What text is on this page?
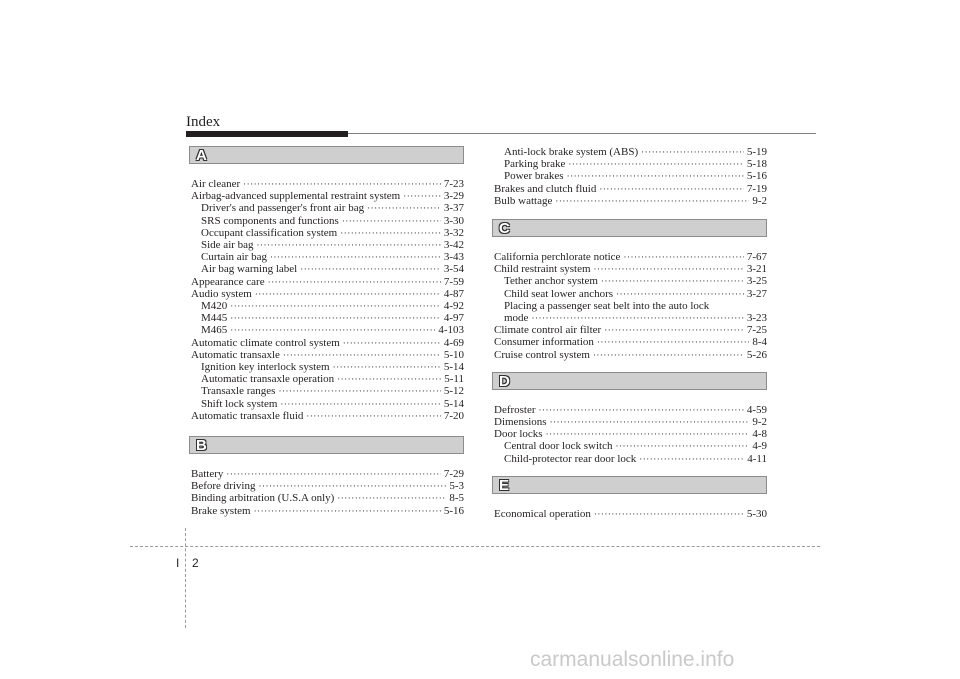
Index
A
Air cleaner ·····	7-23
Airbag-advanced supplemental restraint system ·····	3-29
Driver's and passenger's front air bag ·····	3-37
SRS components and functions ·····	3-30
Occupant classification system ·····	3-32
Side air bag ·····	3-42
Curtain air bag ·····	3-43
Air bag warning label ·····	3-54
Appearance care ·····	7-59
Audio system ·····	4-87
M420 ·····	4-92
M445 ·····	4-97
M465 ·····	4-103
Automatic climate control system ·····	4-69
Automatic transaxle ·····	5-10
Ignition key interlock system ·····	5-14
Automatic transaxle operation ·····	5-11
Transaxle ranges ·····	5-12
Shift lock system ·····	5-14
Automatic transaxle fluid ·····	7-20
B
Battery ·····	7-29
Before driving ·····	5-3
Binding arbitration (U.S.A only) ·····	8-5
Brake system ·····	5-16
Anti-lock brake system (ABS) ·····	5-19
Parking brake ·····	5-18
Power brakes ·····	5-16
Brakes and clutch fluid ·····	7-19
Bulb wattage ·····	9-2
C
California perchlorate notice ·····	7-67
Child restraint system ·····	3-21
Tether anchor system ·····	3-25
Child seat lower anchors ·····	3-27
Placing a passenger seat belt into the auto lock
mode ·····	3-23
Climate control air filter ·····	7-25
Consumer information ·····	8-4
Cruise control system ·····	5-26
D
Defroster ·····	4-59
Dimensions ·····	9-2
Door locks ·····	4-8
Central door lock switch ·····	4-9
Child-protector rear door lock ·····	4-11
E
Economical operation ·····	5-30
I 2
carmanualsonline.info
